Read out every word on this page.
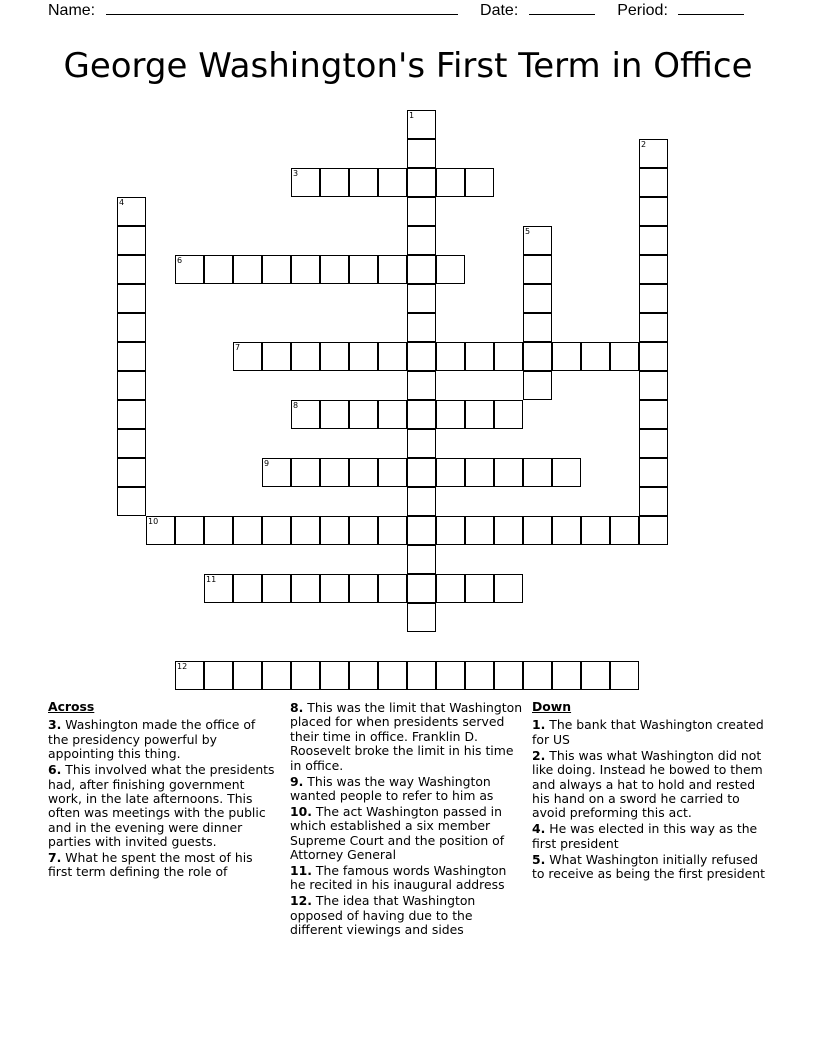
Name:	Date:	Period:
George Washington's First Term in Office
1
2
3
4
5
6
7
8
9
10
11
12
Across
3. Washington made the office of the presidency powerful by appointing this thing.
6. This involved what the presidents had, after finishing government work, in the late afternoons. This often was meetings with the public and in the evening were dinner parties with invited guests.
7. What he spent the most of his first term defining the role of
8. This was the limit that Washington placed for when presidents served their time in office. Franklin D. Roosevelt broke the limit in his time in office.
9. This was the way Washington wanted people to refer to him as
10. The act Washington passed in which established a six member Supreme Court and the position of Attorney General
11. The famous words Washington he recited in his inaugural address
12. The idea that Washington opposed of having due to the different viewings and sides
Down
1. The bank that Washington created for US
2. This was what Washington did not like doing. Instead he bowed to them and always a hat to hold and rested his hand on a sword he carried to avoid preforming this act.
4. He was elected in this way as the first president
5. What Washington initially refused to receive as being the first president
